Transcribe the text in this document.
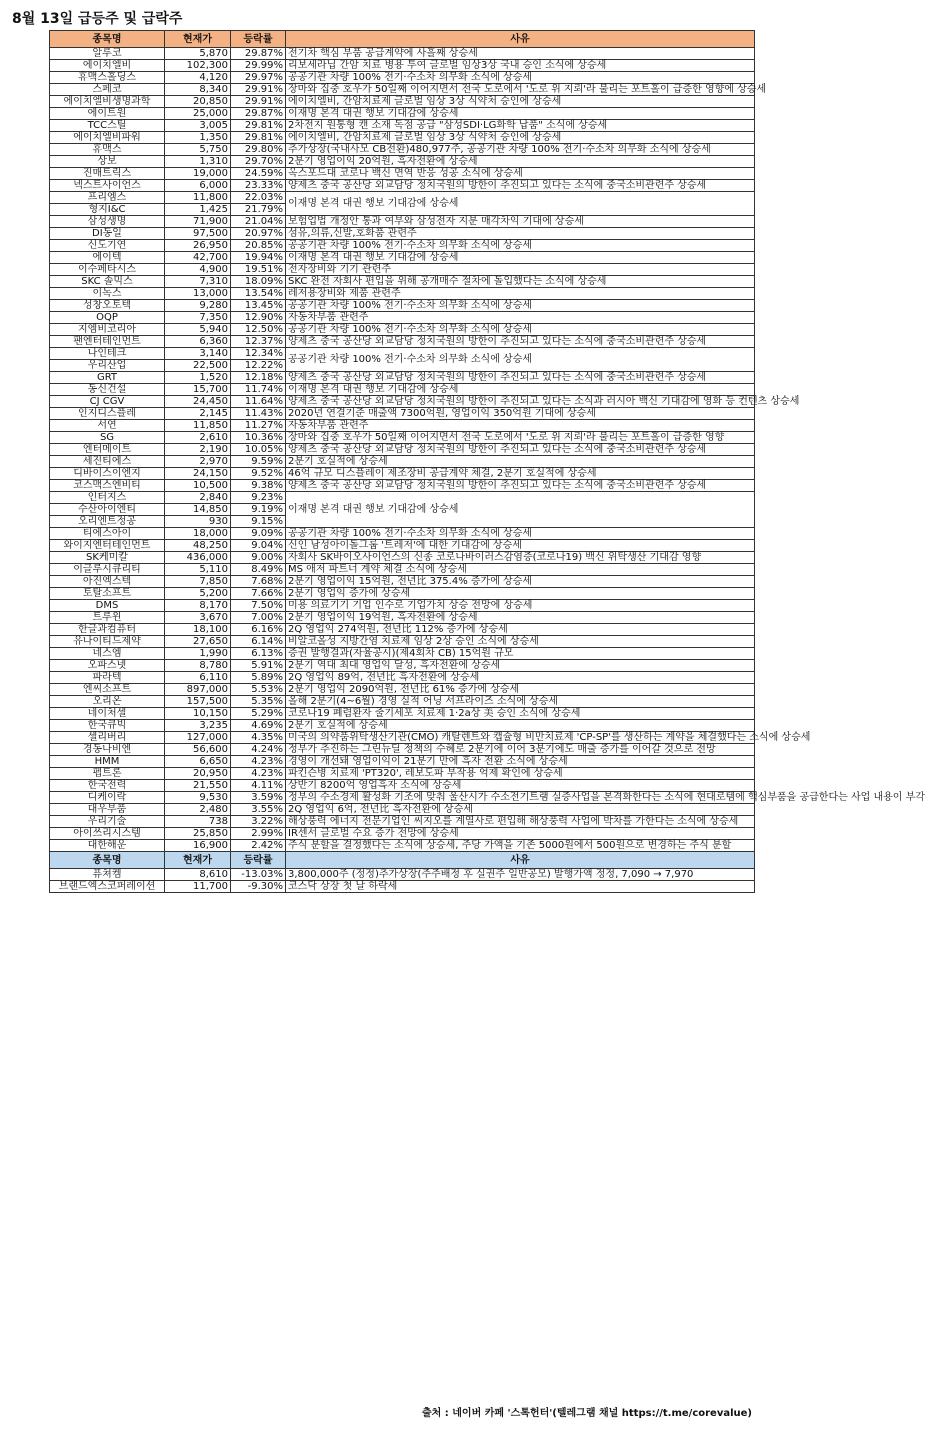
8월 13일 급등주 및 급락주
종목명	현재가	등락률	사유
알루코	5,870	29.87%	전기차 핵심 부품 공급계약에 사흘째 상승세
에이치엘비	102,300	29.99%	리보세라닙 간암 치료 병용 투여 글로벌 임상3상 국내 승인 소식에 상승세
휴맥스홀딩스	4,120	29.97%	공공기관 차량 100% 전기·수소차 의무화 소식에 상승세
스페코	8,340	29.91%	장마와 집중 호우가 50일째 이어지면서 전국 도로에서 '도로 위 지뢰'라 불리는 포트홀이 급증한 영향에 상승세
에이치엘비생명과학	20,850	29.91%	에이치엘비, 간암치료제 글로벌 임상 3상 식약처 승인에 상승세
에이트원	25,000	29.87%	이재명 본격 대권 행보 기대감에 상승세
TCC스틸	3,005	29.81%	2차전지 원통형 캔 소재 독점 공급 "삼성SDI·LG화학 납품" 소식에 상승세
에이치엘비파워	1,350	29.81%	에이치엘비, 간암치료제 글로벌 임상 3상 식약처 승인에 상승세
휴맥스	5,750	29.80%	추가상장(국내사모 CB전환)480,977주, 공공기관 차량 100% 전기·수소차 의무화 소식에 상승세
상보	1,310	29.70%	2분기 영업이익 20억원, 흑자전환에 상승세
진매트릭스	19,000	24.59%	옥스포드대 코로나 백신 면역 반응 성공 소식에 상승세
넥스트사이언스	6,000	23.33%	양제츠 중국 공산당 외교담당 정치국원의 방한이 추진되고 있다는 소식에 중국소비관련주 상승세
프리엠스	11,800	22.03%	이재명 본격 대권 행보 기대감에 상승세
형지I&C	1,425	21.79%	
삼성생명	71,900	21.04%	보험업법 개정안 통과 여부와 삼성전자 지분 매각차익 기대에 상승세
DI동일	97,500	20.97%	섬유,의류,신발,호화품 관련주
신도기연	26,950	20.85%	공공기관 차량 100% 전기·수소차 의무화 소식에 상승세
에이텍	42,700	19.94%	이재명 본격 대권 행보 기대감에 상승세
이수페타시스	4,900	19.51%	전자장비와 기기 관련주
SKC 솔믹스	7,310	18.09%	SKC 완전 자회사 편입을 위해 공개매수 절차에 돌입했다는 소식에 상승세
이녹스	13,000	13.54%	레저용장비와 제품 관련주
성창오토텍	9,280	13.45%	공공기관 차량 100% 전기·수소차 의무화 소식에 상승세
OQP	7,350	12.90%	자동차부품 관련주
지엠비코리아	5,940	12.50%	공공기관 차량 100% 전기·수소차 의무화 소식에 상승세
팬엔터테인먼트	6,360	12.37%	양제츠 중국 공산당 외교담당 정치국원의 방한이 추진되고 있다는 소식에 중국소비관련주 상승세
나인테크	3,140	12.34%	공공기관 차량 100% 전기·수소차 의무화 소식에 상승세
우리산업	22,500	12.22%	
GRT	1,520	12.18%	양제츠 중국 공산당 외교담당 정치국원의 방한이 추진되고 있다는 소식에 중국소비관련주 상승세
동신건설	15,700	11.74%	이재명 본격 대권 행보 기대감에 상승세
CJ CGV	24,450	11.64%	양제츠 중국 공산당 외교담당 정치국원의 방한이 추진되고 있다는 소식과 러시아 백신 기대감에 영화 등 컨텐츠 상승세
인지디스플레	2,145	11.43%	2020년 연결기준 매출액 7300억원, 영업이익 350억원 기대에 상승세
서연	11,850	11.27%	자동차부품 관련주
SG	2,610	10.36%	장마와 집중 호우가 50일째 이어지면서 전국 도로에서 '도로 위 지뢰'라 불리는 포트홀이 급증한 영향
엔터메이트	2,190	10.05%	양제츠 중국 공산당 외교담당 정치국원의 방한이 추진되고 있다는 소식에 중국소비관련주 상승세
세진티에스	2,970	9.59%	2분기 호실적에 상승세
디바이스이엔지	24,150	9.52%	46억 규모 디스플레이 제조장비 공급계약 체결, 2분기 호실적에 상승세
코스맥스엔비티	10,500	9.38%	양제츠 중국 공산당 외교담당 정치국원의 방한이 추진되고 있다는 소식에 중국소비관련주 상승세
인터지스	2,840	9.23%	이재명 본격 대권 행보 기대감에 상승세
수산아이엔티	14,850	9.19%	
오리엔트정공	930	9.15%	
티에스아이	18,000	9.09%	공공기관 차량 100% 전기·수소차 의무화 소식에 상승세
와이지엔터테인먼트	48,250	9.04%	신인 남성아이돌그룹 '트레저'에 대한 기대감에 상승세
SK케미칼	436,000	9.00%	자회사 SK바이오사이언스의 신종 코로나바이러스감염증(코로나19) 백신 위탁생산 기대감 영향
이글루시큐리티	5,110	8.49%	MS 애저 파트너 계약 체결 소식에 상승세
아진엑스텍	7,850	7.68%	2분기 영업이익 15억원, 전년比 375.4% 증가에 상승세
토탈소프트	5,200	7.66%	2분기 영업익 증가에 상승세
DMS	8,170	7.50%	미용 의료기기 기업 인수로 기업가치 상승 전망에 상승세
트루윈	3,670	7.00%	2분기 영업이익 19억원, 흑자전환에 상승세
한글과컴퓨터	18,100	6.16%	2Q 영업익 274억원, 전년比 112% 증가에 상승세
유나이티드제약	27,650	6.14%	비알코올성 지방간염 치료제 임상 2상 승인 소식에 상승세
네스엠	1,990	6.13%	증권 발행결과(자율공시)(제4회차 CB) 15억원 규모
오파스넷	8,780	5.91%	2분기 역대 최대 영업익 달성, 흑자전환에 상승세
파라텍	6,110	5.89%	2Q 영업익 89억, 전년比 흑자전환에 상승세
엔씨소프트	897,000	5.53%	2분기 영업익 2090억원, 전년比 61% 증가에 상승세
오리온	157,500	5.35%	올해 2분기(4~6월) 경영 실적 어닝 서프라이즈 소식에 상승세
네이처셀	10,150	5.29%	코로나19 폐렴환자 줄기세포 치료제 1·2a상 美 승인 소식에 상승세
한국큐빅	3,235	4.69%	2분기 호실적에 상승세
셀리버리	127,000	4.35%	미국의 의약품위탁생산기관(CMO) 캐탈렌트와 캡슐형 비만치료제 'CP-SP'를 생산하는 계약을 체결했다는 소식에 상승세
경동나비엔	56,600	4.24%	정부가 추진하는 그린뉴딜 정책의 수혜로 2분기에 이어 3분기에도 매출 증가를 이어갈 것으로 전망
HMM	6,650	4.23%	경영이 개선돼 영업이익이 21분기 만에 흑자 전환 소식에 상승세
펩트론	20,950	4.23%	파킨슨병 치료제 'PT320', 레보도파 부작용 억제 확인에 상승세
한국전력	21,550	4.11%	상반기 8200억 영업흑자 소식에 상승세
디케이락	9,530	3.59%	정부의 수소경제 활성화 기조에 맞춰 울산시가 수소전기트램 실증사업을 본격화한다는 소식에 현대로템에 핵심부품을 공급한다는 사업 내용이 부각
대우부품	2,480	3.55%	2Q 영업익 6억, 전년比 흑자전환에 상승세
우리기술	738	3.22%	해상풍력 에너지 전문기업인 씨지오를 계열사로 편입해 해상풍력 사업에 박차를 가한다는 소식에 상승세
아이쓰리시스템	25,850	2.99%	IR센서 글로벌 수요 증가 전망에 상승세
대한해운	16,900	2.42%	주식 분할을 결정했다는 소식에 상승세, 주당 가액을 기존 5000원에서 500원으로 변경하는 주식 분할
종목명	현재가	등락률	사유
퓨쳐켐	8,610	-13.03%	3,800,000주 (정정)추가상장(주주배정 후 실권주 일반공모) 발행가액 정정, 7,090 → 7,970
브랜드엑스코퍼레이션	11,700	-9.30%	코스닥 상장 첫 날 하락세
출처 : 네이버 카페 '스톡헌터'(텔레그램 채널 https://t.me/corevalue)
